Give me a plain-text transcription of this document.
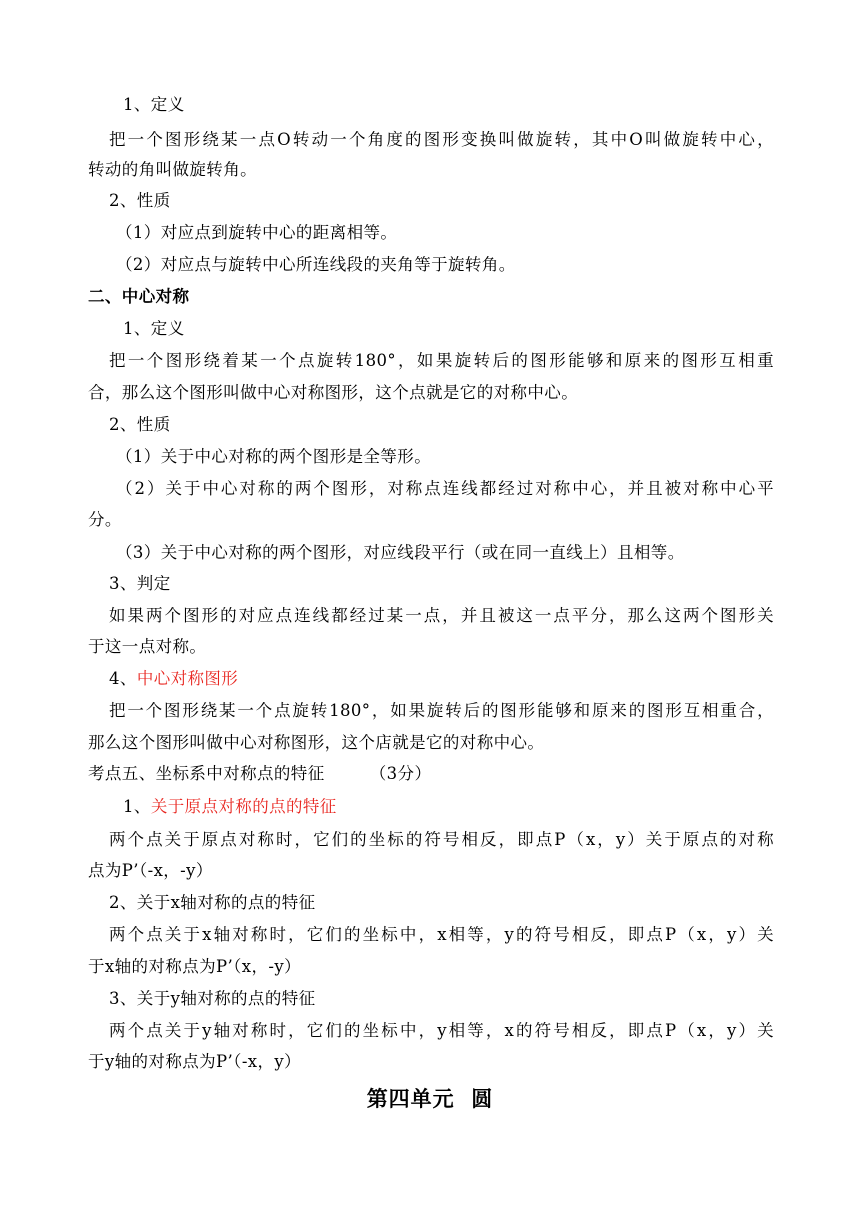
1、定义
把一个图形绕某一点O转动一个角度的图形变换叫做旋转，其中O叫做旋转中心，
转动的角叫做旋转角。
2、性质
（1）对应点到旋转中心的距离相等。
（2）对应点与旋转中心所连线段的夹角等于旋转角。
二、中心对称
1、定义
把一个图形绕着某一个点旋转180°，如果旋转后的图形能够和原来的图形互相重
合，那么这个图形叫做中心对称图形，这个点就是它的对称中心。
2、性质
（1）关于中心对称的两个图形是全等形。
（2）关于中心对称的两个图形，对称点连线都经过对称中心，并且被对称中心平
分。
（3）关于中心对称的两个图形，对应线段平行（或在同一直线上）且相等。
3、判定
如果两个图形的对应点连线都经过某一点，并且被这一点平分，那么这两个图形关
于这一点对称。
4、中心对称图形
把一个图形绕某一个点旋转180°，如果旋转后的图形能够和原来的图形互相重合，
那么这个图形叫做中心对称图形，这个店就是它的对称中心。
考点五、坐标系中对称点的特征        （3分）
1、关于原点对称的点的特征
两个点关于原点对称时，它们的坐标的符号相反，即点P（x，y）关于原点的对称
点为P’（-x，-y）
2、关于x轴对称的点的特征
两个点关于x轴对称时，它们的坐标中，x相等，y的符号相反，即点P（x，y）关
于x轴的对称点为P’（x，-y）
3、关于y轴对称的点的特征
两个点关于y轴对称时，它们的坐标中，y相等，x的符号相反，即点P（x，y）关
于y轴的对称点为P’（-x，y）
第四单元  圆
